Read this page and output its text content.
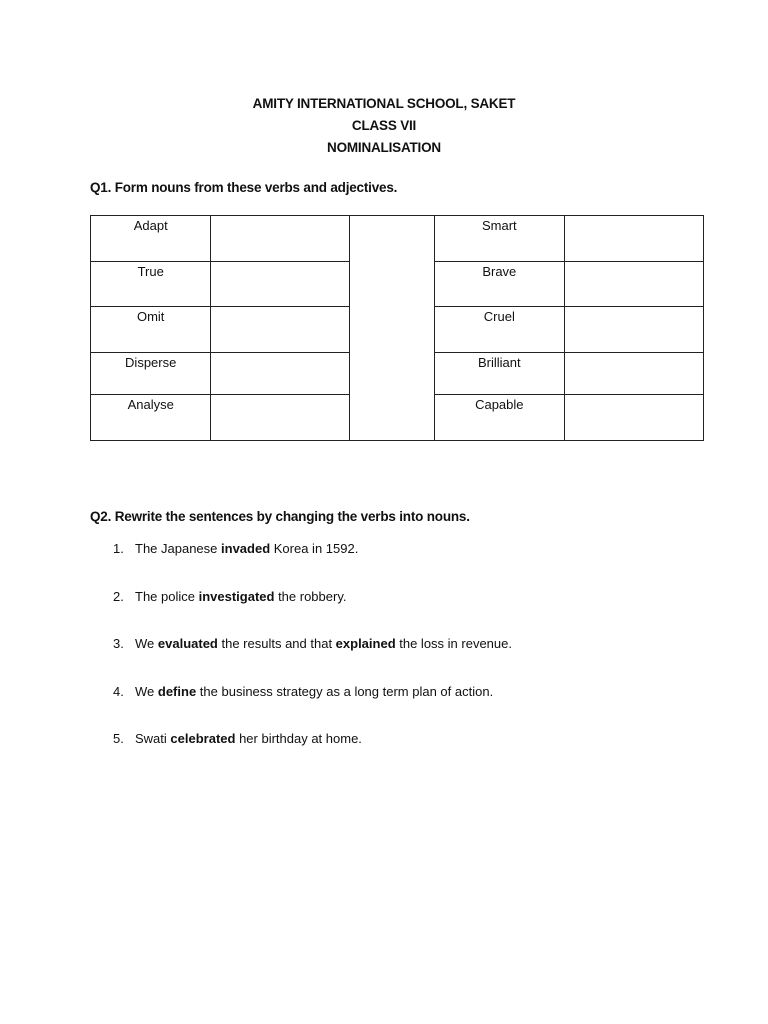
AMITY INTERNATIONAL SCHOOL, SAKET
CLASS VII
NOMINALISATION
Q1. Form nouns from these verbs and adjectives.
Adapt			Smart	
True			Brave	
Omit			Cruel	
Disperse			Brilliant	
Analyse			Capable	
Q2. Rewrite the sentences by changing the verbs into nouns.
1. The Japanese invaded Korea in 1592.
2. The police investigated the robbery.
3. We evaluated the results and that explained the loss in revenue.
4. We define the business strategy as a long term plan of action.
5. Swati celebrated her birthday at home.
